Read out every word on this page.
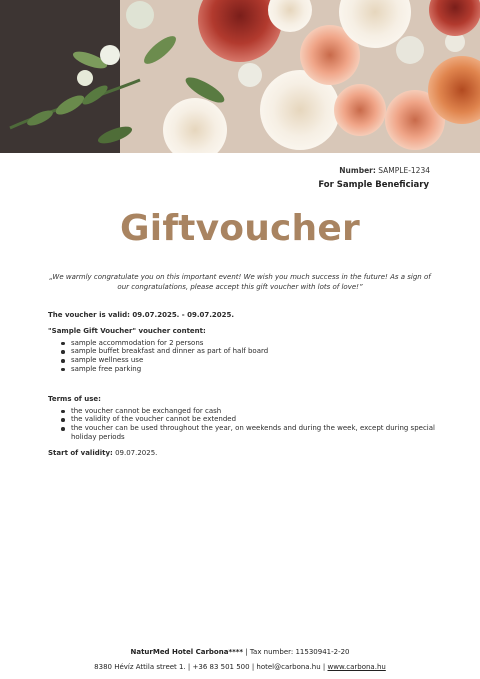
Number: SAMPLE-1234
For Sample Beneficiary
Giftvoucher
„We warmly congratulate you on this important event! We wish you much success in the future! As a sign of our congratulations, please accept this gift voucher with lots of love!”
The voucher is valid: 09.07.2025. - 09.07.2025.
"Sample Gift Voucher" voucher content:
sample accommodation for 2 persons
sample buffet breakfast and dinner as part of half board
sample wellness use
sample free parking
Terms of use:
the voucher cannot be exchanged for cash
the validity of the voucher cannot be extended
the voucher can be used throughout the year, on weekends and during the week, except during special holiday periods
Start of validity: 09.07.2025.
NaturMed Hotel Carbona**** | Tax number: 11530941-2-20
8380 Hévíz Attila street 1. | +36 83 501 500 | hotel@carbona.hu | www.carbona.hu
